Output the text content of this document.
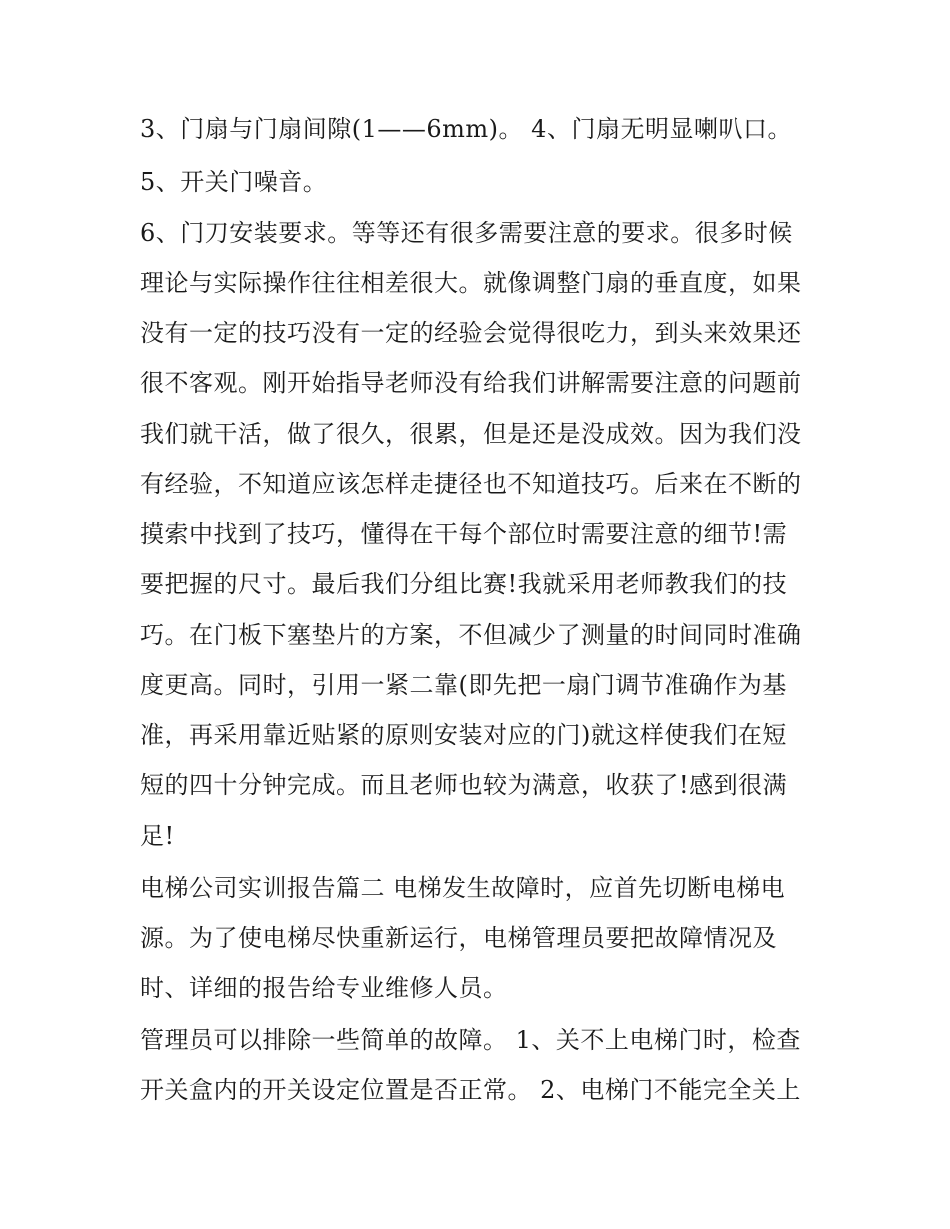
3、门扇与门扇间隙(1——6mm)。 4、门扇无明显喇叭口。
5、开关门噪音。
6、门刀安装要求。等等还有很多需要注意的要求。很多时候
理论与实际操作往往相差很大。就像调整门扇的垂直度，如果
没有一定的技巧没有一定的经验会觉得很吃力，到头来效果还
很不客观。刚开始指导老师没有给我们讲解需要注意的问题前
我们就干活，做了很久，很累，但是还是没成效。因为我们没
有经验，不知道应该怎样走捷径也不知道技巧。后来在不断的
摸索中找到了技巧，懂得在干每个部位时需要注意的细节!需
要把握的尺寸。最后我们分组比赛!我就采用老师教我们的技
巧。在门板下塞垫片的方案，不但减少了测量的时间同时准确
度更高。同时，引用一紧二靠(即先把一扇门调节准确作为基
准，再采用靠近贴紧的原则安装对应的门)就这样使我们在短
短的四十分钟完成。而且老师也较为满意，收获了!感到很满
足!
电梯公司实训报告篇二 电梯发生故障时，应首先切断电梯电
源。为了使电梯尽快重新运行，电梯管理员要把故障情况及
时、详细的报告给专业维修人员。
管理员可以排除一些简单的故障。 1、关不上电梯门时，检查
开关盒内的开关设定位置是否正常。 2、电梯门不能完全关上
